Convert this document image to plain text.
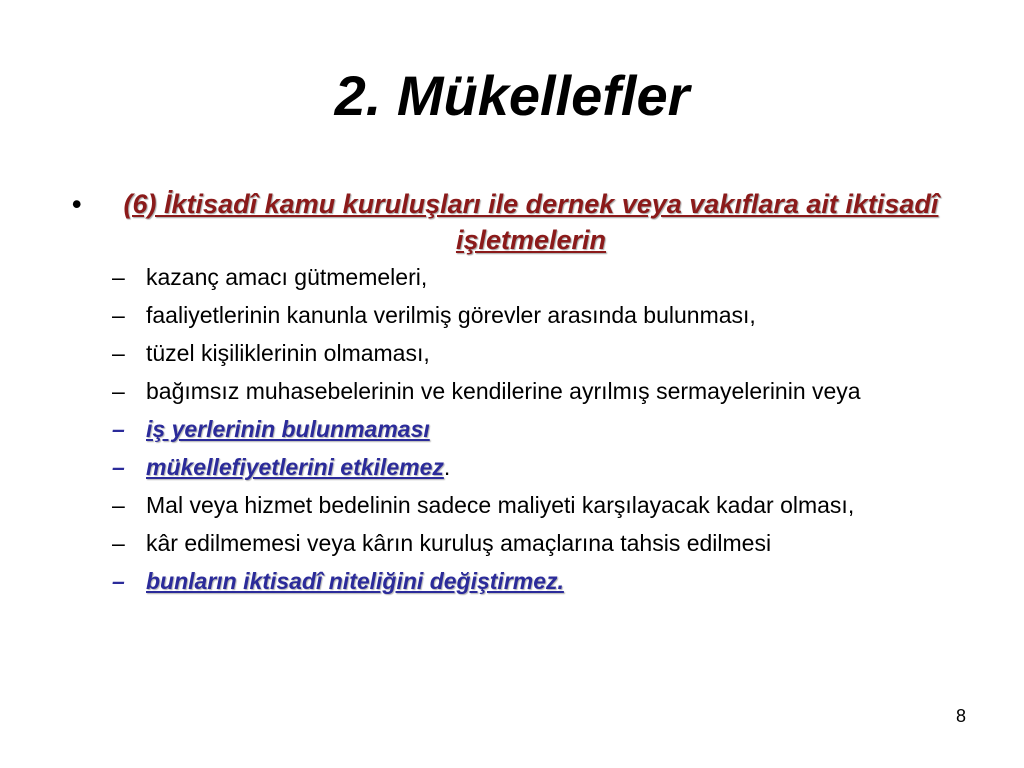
2. Mükellefler
•	(6) İktisadî kamu kuruluşları ile dernek veya vakıflara ait iktisadî işletmelerin
– kazanç amacı gütmemeleri,
– faaliyetlerinin kanunla verilmiş görevler arasında bulunması,
– tüzel kişiliklerinin olmaması,
– bağımsız muhasebelerinin ve kendilerine ayrılmış sermayelerinin veya
– iş yerlerinin bulunmaması
– mükellefiyetlerini etkilemez.
– Mal veya hizmet bedelinin sadece maliyeti karşılayacak kadar olması,
– kâr edilmemesi veya kârın kuruluş amaçlarına tahsis edilmesi
– bunların iktisadî niteliğini değiştirmez.
8
